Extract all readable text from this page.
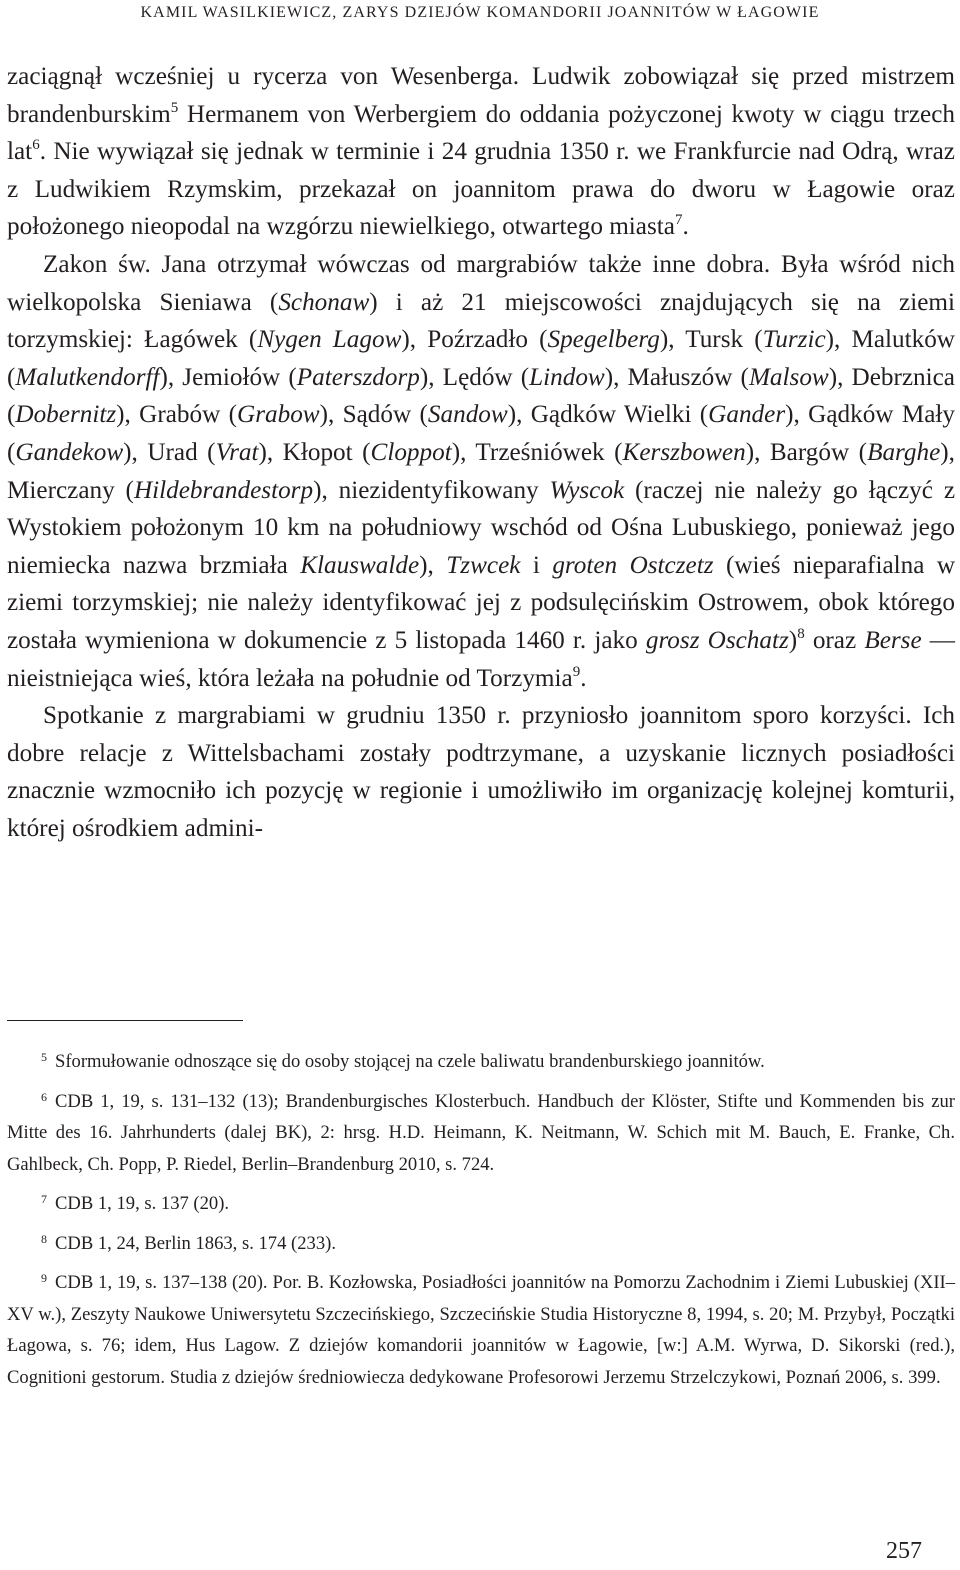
KAMIL WASILKIEWICZ, ZARYS DZIEJÓW KOMANDORII JOANNITÓW W ŁAGOWIE

zaciągnął wcześniej u rycerza von Wesenberga. Ludwik zobowiązał się przed mistrzem brandenburskim$^5$ Hermanem von Werbergiem do oddania pożyczonej kwoty w ciągu trzech lat$^6$. Nie wywiązał się jednak w terminie i 24 grudnia 1350 r. we Frankfurcie nad Odrą, wraz z Ludwikiem Rzymskim, przekazał on joannitom prawa do dworu w Łagowie oraz położonego nieopodal na wzgórzu niewielkiego, otwartego miasta$^7$.

Zakon św. Jana otrzymał wówczas od margrabiów także inne dobra. Była wśród nich wielkopolska Sieniawa (Schonaw) i aż 21 miejscowości znajdujących się na ziemi torzymskiej: Łagówek (Nygen Lagow), Poźrzadło (Spegelberg), Tursk (Turzic), Malutków (Malutkendorff), Jemiołów (Paterszdorp), Lędów (Lindow), Małuszów (Malsow), Debrznica (Dobernitz), Grabów (Grabow), Sądów (Sandow), Gądków Wielki (Gander), Gądków Mały (Gandekow), Urad (Vrat), Kłopot (Cloppot), Trześniówek (Kerszbowen), Bargów (Barghe), Mierczany (Hildebrandestorp), niezidentyfikowany Wyscok (raczej nie należy go łączyć z Wystokiem położonym 10 km na południowy wschód od Ośna Lubuskiego, ponieważ jego niemiecka nazwa brzmiała Klauswalde), Tzwcek i groten Ostczetz (wieś nieparafialna w ziemi torzymskiej; nie należy identyfikować jej z podsulęcińskim Ostrowem, obok którego została wymieniona w dokumencie z 5 listopada 1460 r. jako grosz Oschatz)$^8$ oraz Berse — nieistniejąca wieś, która leżała na południe od Torzymia$^9$.

Spotkanie z margrabiami w grudniu 1350 r. przyniosło joannitom sporo korzyści. Ich dobre relacje z Wittelsbachami zostały podtrzymane, a uzyskanie licznych posiadłości znacznie wzmocniło ich pozycję w regionie i umożliwiło im organizację kolejnej komturii, której ośrodkiem admini-

$^5$ Sformułowanie odnoszące się do osoby stojącej na czele baliwatu brandenburskiego joannitów.

$^6$ CDB 1, 19, s. 131–132 (13); Brandenburgisches Klosterbuch. Handbuch der Klöster, Stifte und Kommenden bis zur Mitte des 16. Jahrhunderts (dalej BK), 2: hrsg. H.D. Heimann, K. Neitmann, W. Schich mit M. Bauch, E. Franke, Ch. Gahlbeck, Ch. Popp, P. Riedel, Berlin–Brandenburg 2010, s. 724.

$^7$ CDB 1, 19, s. 137 (20).

$^8$ CDB 1, 24, Berlin 1863, s. 174 (233).

$^9$ CDB 1, 19, s. 137–138 (20). Por. B. Kozłowska, Posiadłości joannitów na Pomorzu Zachodnim i Ziemi Lubuskiej (XII–XV w.), Zeszyty Naukowe Uniwersytetu Szczecińskiego, Szczecińskie Studia Historyczne 8, 1994, s. 20; M. Przybył, Początki Łagowa, s. 76; idem, Hus Lagow. Z dziejów komandorii joannitów w Łagowie, [w:] A.M. Wyrwa, D. Sikorski (red.), Cognitioni gestorum. Studia z dziejów średniowiecza dedykowane Profesorowi Jerzemu Strzelczykowi, Poznań 2006, s. 399.

257
